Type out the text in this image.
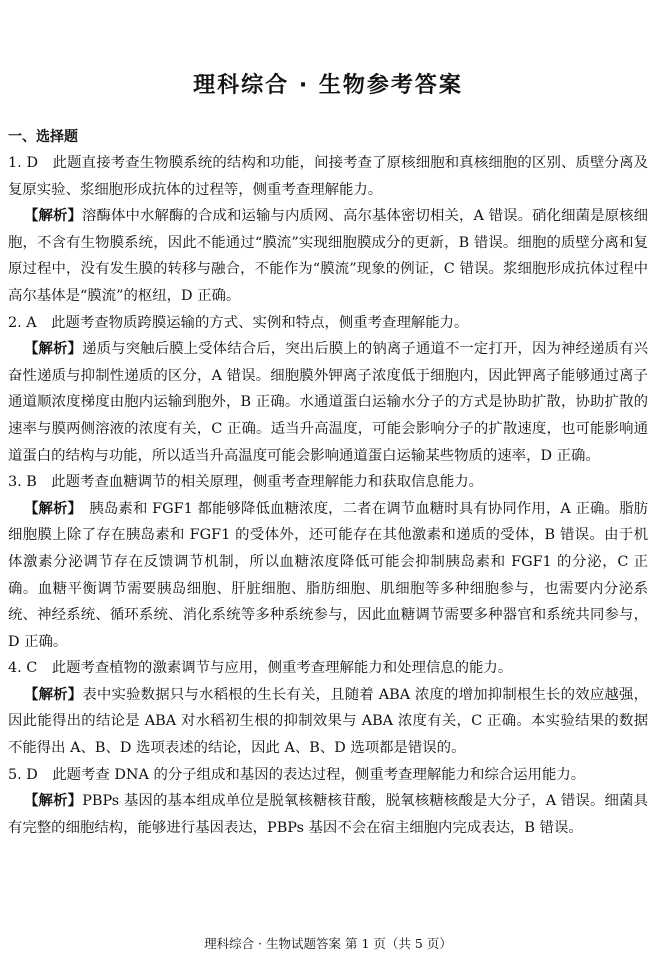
理科综合 · 生物参考答案
一、选择题

1. D　此题直接考查生物膜系统的结构和功能，间接考查了原核细胞和真核细胞的区别、质壁分离及复原实验、浆细胞形成抗体的过程等，侧重考查理解能力。

【解析】溶酶体中水解酶的合成和运输与内质网、高尔基体密切相关，A 错误。硝化细菌是原核细胞，不含有生物膜系统，因此不能通过“膜流”实现细胞膜成分的更新，B 错误。细胞的质壁分离和复原过程中，没有发生膜的转移与融合，不能作为“膜流”现象的例证，C 错误。浆细胞形成抗体过程中高尔基体是“膜流”的枢纽，D 正确。

2. A　此题考查物质跨膜运输的方式、实例和特点，侧重考查理解能力。

【解析】递质与突触后膜上受体结合后，突出后膜上的钠离子通道不一定打开，因为神经递质有兴奋性递质与抑制性递质的区分，A 错误。细胞膜外钾离子浓度低于细胞内，因此钾离子能够通过离子通道顺浓度梯度由胞内运输到胞外，B 正确。水通道蛋白运输水分子的方式是协助扩散，协助扩散的速率与膜两侧溶液的浓度有关，C 正确。适当升高温度，可能会影响分子的扩散速度，也可能影响通道蛋白的结构与功能，所以适当升高温度可能会影响通道蛋白运输某些物质的速率，D 正确。

3. B　此题考查血糖调节的相关原理，侧重考查理解能力和获取信息能力。

【解析】　胰岛素和 FGF1 都能够降低血糖浓度，二者在调节血糖时具有协同作用，A 正确。脂肪细胞膜上除了存在胰岛素和 FGF1 的受体外，还可能存在其他激素和递质的受体，B 错误。由于机体激素分泌调节存在反馈调节机制，所以血糖浓度降低可能会抑制胰岛素和 FGF1 的分泌，C 正确。血糖平衡调节需要胰岛细胞、肝脏细胞、脂肪细胞、肌细胞等多种细胞参与，也需要内分泌系统、神经系统、循环系统、消化系统等多种系统参与，因此血糖调节需要多种器官和系统共同参与，D 正确。

4. C　此题考查植物的激素调节与应用，侧重考查理解能力和处理信息的能力。

【解析】表中实验数据只与水稻根的生长有关，且随着 ABA 浓度的增加抑制根生长的效应越强，因此能得出的结论是 ABA 对水稻初生根的抑制效果与 ABA 浓度有关，C 正确。本实验结果的数据不能得出 A、B、D 选项表述的结论，因此 A、B、D 选项都是错误的。

5. D　此题考查 DNA 的分子组成和基因的表达过程，侧重考查理解能力和综合运用能力。

【解析】PBPs 基因的基本组成单位是脱氧核糖核苷酸，脱氧核糖核酸是大分子，A 错误。细菌具有完整的细胞结构，能够进行基因表达，PBPs 基因不会在宿主细胞内完成表达，B 错误。

理科综合 · 生物试题答案 第 1 页（共 5 页）
